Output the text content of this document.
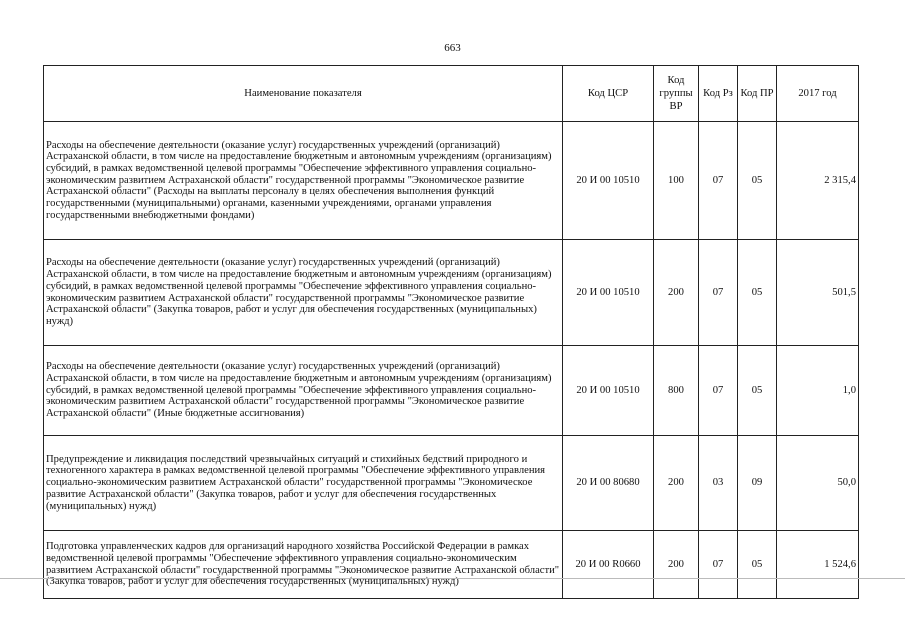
663
Наименование показателя	Код ЦСР	Код группы ВР	Код Рз	Код ПР	2017 год
Расходы на обеспечение деятельности (оказание услуг) государственных учреждений (организаций) Астраханской области, в том числе на предоставление бюджетным и автономным учреждениям (организациям) субсидий, в рамках ведомственной целевой программы "Обеспечение эффективного управления социально-экономическим развитием Астраханской области" государственной программы "Экономическое развитие Астраханской области" (Расходы на выплаты персоналу в целях обеспечения выполнения функций государственными (муниципальными) органами, казенными учреждениями, органами управления государственными внебюджетными фондами)	20 И 00 10510	100	07	05	2 315,4
Расходы на обеспечение деятельности (оказание услуг) государственных учреждений (организаций) Астраханской области, в том числе на предоставление бюджетным и автономным учреждениям (организациям) субсидий, в рамках ведомственной целевой программы "Обеспечение эффективного управления социально-экономическим развитием Астраханской области" государственной программы "Экономическое развитие Астраханской области" (Закупка товаров, работ и услуг для обеспечения государственных (муниципальных) нужд)	20 И 00 10510	200	07	05	501,5
Расходы на обеспечение деятельности (оказание услуг) государственных учреждений (организаций) Астраханской области, в том числе на предоставление бюджетным и автономным учреждениям (организациям) субсидий, в рамках ведомственной целевой программы "Обеспечение эффективного управления социально-экономическим развитием Астраханской области" государственной программы "Экономическое развитие Астраханской области" (Иные бюджетные ассигнования)	20 И 00 10510	800	07	05	1,0
Предупреждение и ликвидация последствий чрезвычайных ситуаций и стихийных бедствий природного и техногенного характера в рамках ведомственной целевой программы "Обеспечение эффективного управления социально-экономическим развитием Астраханской области" государственной программы "Экономическое развитие Астраханской области" (Закупка товаров, работ и услуг для обеспечения государственных (муниципальных) нужд)	20 И 00 80680	200	03	09	50,0
Подготовка управленческих кадров для организаций народного хозяйства Российской Федерации в рамках ведомственной целевой программы "Обеспечение эффективного управления социально-экономическим развитием Астраханской области" государственной программы "Экономическое развитие Астраханской области" (Закупка товаров, работ и услуг для обеспечения государственных (муниципальных) нужд)	20 И 00 R0660	200	07	05	1 524,6
